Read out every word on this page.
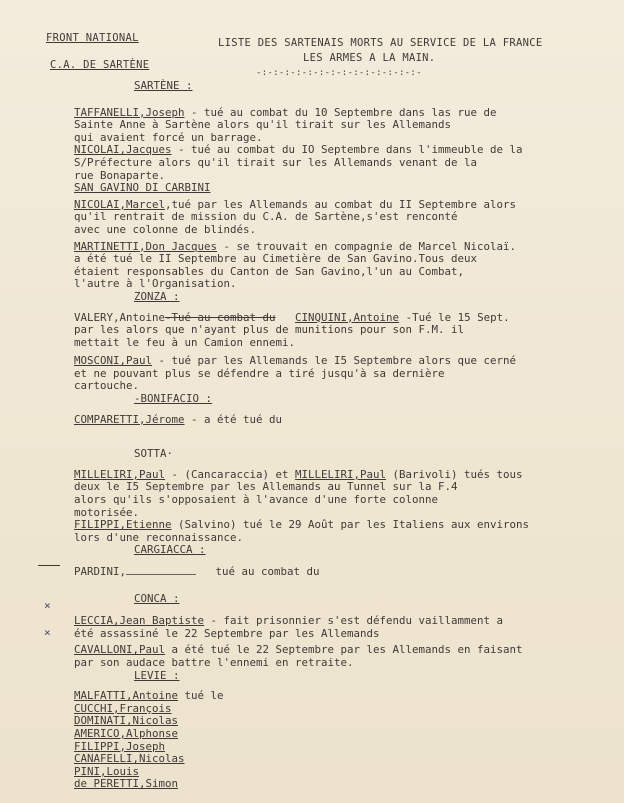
FRONT NATIONAL
C.A. DE SARTÈNE
LISTE DES SARTENAIS MORTS AU SERVICE DE LA FRANCE
LES ARMES A LA MAIN.
-:-:-:-:-:-:-:-:-:-:-:-:-:-:-
×
×
SARTÈNE :
TAFFANELLI,Joseph - tué au combat du 10 Septembre dans las rue de
Sainte Anne à Sartène alors qu'il tirait sur les Allemands
qui avaient forcé un barrage.
NICOLAI,Jacques - tué au combat du IO Septembre dans l'immeuble de la
S/Préfecture alors qu'il tirait sur les Allemands venant de la
rue Bonaparte.
SAN GAVINO DI CARBINI
NICOLAI,Marcel,tué par les Allemands au combat du II Septembre alors
qu'il rentrait de mission du C.A. de Sartène,s'est renconté
avec une colonne de blindés.
MARTINETTI,Don Jacques - se trouvait en compagnie de Marcel Nicolaï.
a été tué le II Septembre au Cimetière de San Gavino.Tous deux
étaient responsables du Canton de San Gavino,l'un au Combat,
l'autre à l'Organisation.
ZONZA :
VALERY,Antoine-Tué au combat du CINQUINI,Antoine -Tué le 15 Sept.
par les alors que n'ayant plus de munitions pour son F.M. il
mettait le feu à un Camion ennemi.
MOSCONI,Paul - tué par les Allemands le I5 Septembre alors que cerné
et ne pouvant plus se défendre a tiré jusqu'à sa dernière
cartouche.
-BONIFACIO :
COMPARETTI,Jérome - a été tué du
SOTTA·
MILLELIRI,Paul - (Cancaraccia) et MILLELIRI,Paul (Barivoli) tués tous
deux le I5 Septembre par les Allemands au Tunnel sur la F.4
alors qu'ils s'opposaient à l'avance d'une forte colonne
motorisée.
FILIPPI,Etienne (Salvino) tué le 29 Août par les Italiens aux environs
lors d'une reconnaissance.
CARGIACCA :
PARDINI,	tué au combat du
CONCA :
LECCIA,Jean Baptiste - fait prisonnier s'est défendu vaillamment a
été assassiné le 22 Septembre par les Allemands
CAVALLONI,Paul a été tué le 22 Septembre par les Allemands en faisant
par son audace battre l'ennemi en retraite.
LEVIE :
MALFATTI,Antoine tué le
CUCCHI,François
DOMINATI,Nicolas
AMERICO,Alphonse
FILIPPI,Joseph
CANAFELLI,Nicolas
PINI,Louis
de PERETTI,Simon
